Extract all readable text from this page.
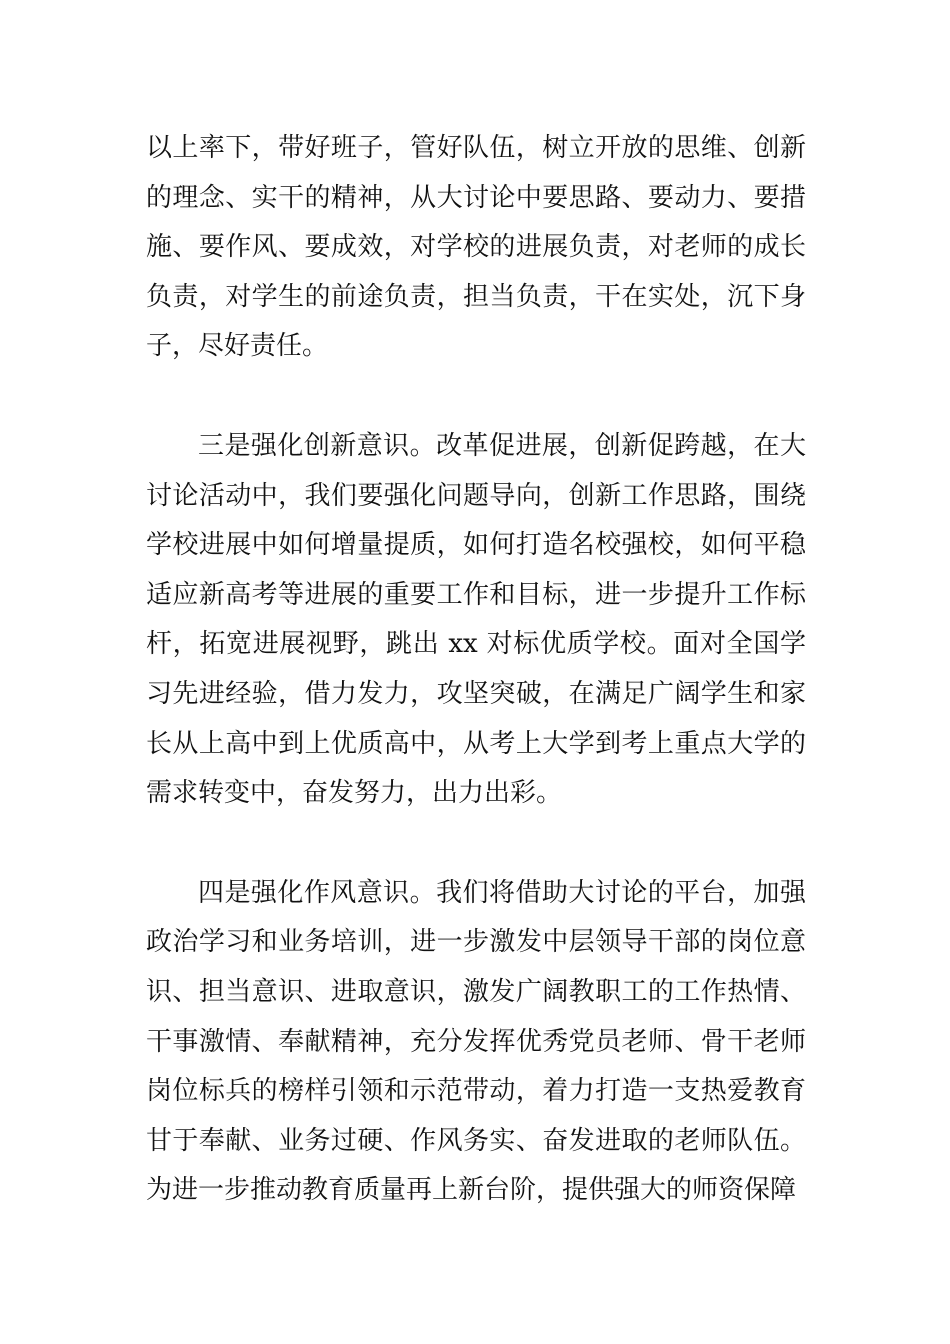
以上率下，带好班子，管好队伍，树立开放的思维、创新的理念、实干的精神，从大讨论中要思路、要动力、要措施、要作风、要成效，对学校的进展负责，对老师的成长负责，对学生的前途负责，担当负责，干在实处，沉下身子，尽好责任。

三是强化创新意识。改革促进展，创新促跨越，在大讨论活动中，我们要强化问题导向，创新工作思路，围绕学校进展中如何增量提质，如何打造名校强校，如何平稳适应新高考等进展的重要工作和目标，进一步提升工作标杆，拓宽进展视野，跳出 xx 对标优质学校。面对全国学习先进经验，借力发力，攻坚突破，在满足广阔学生和家长从上高中到上优质高中，从考上大学到考上重点大学的需求转变中，奋发努力，出力出彩。

四是强化作风意识。我们将借助大讨论的平台，加强政治学习和业务培训，进一步激发中层领导干部的岗位意识、担当意识、进取意识，激发广阔教职工的工作热情、干事激情、奉献精神，充分发挥优秀党员老师、骨干老师岗位标兵的榜样引领和示范带动，着力打造一支热爱教育甘于奉献、业务过硬、作风务实、奋发进取的老师队伍。为进一步推动教育质量再上新台阶，提供强大的师资保障
